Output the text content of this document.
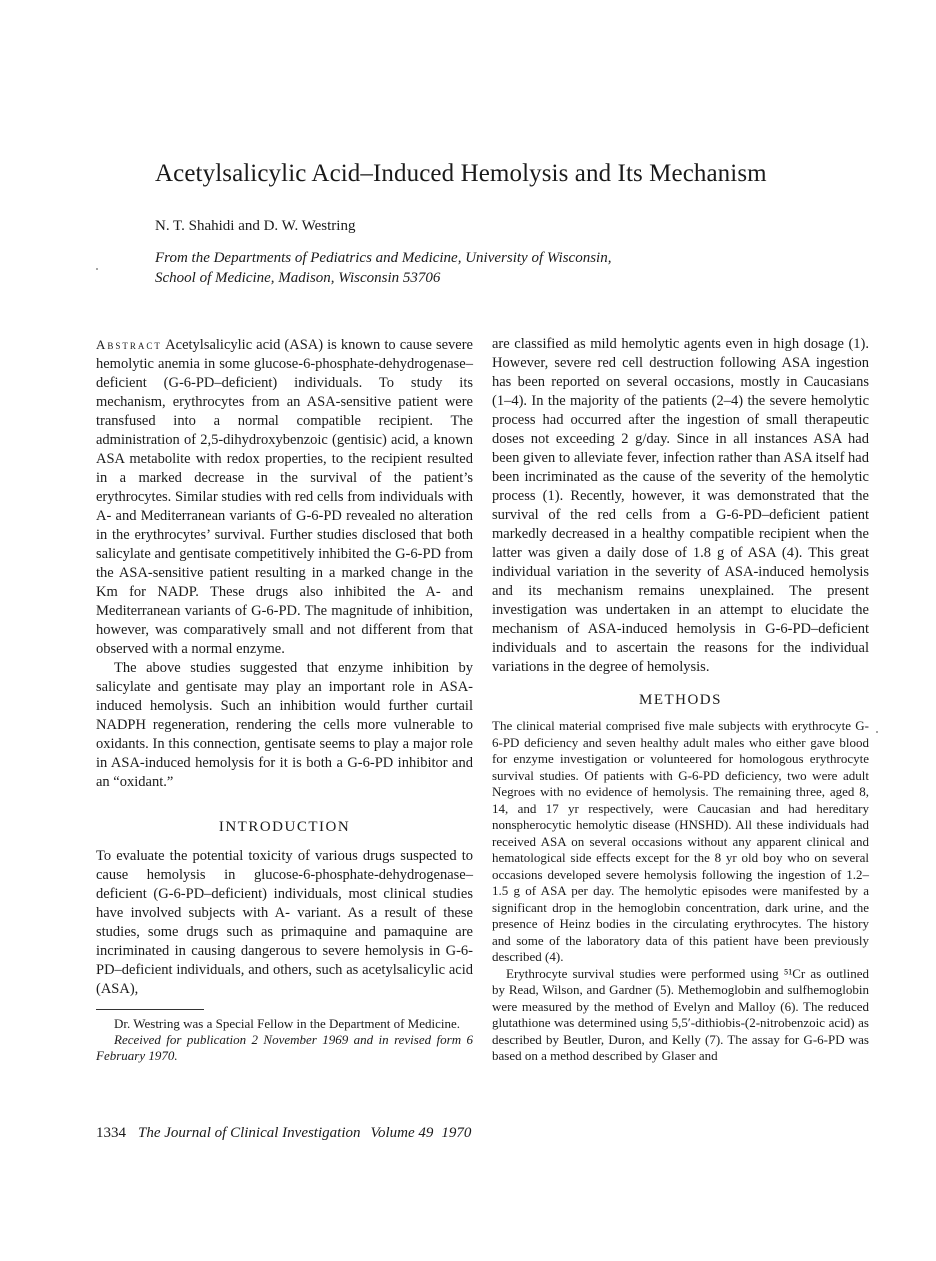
Acetylsalicylic Acid–Induced Hemolysis and Its Mechanism

N. T. Shahidi and D. W. Westring

From the Departments of Pediatrics and Medicine, University of Wisconsin,
School of Medicine, Madison, Wisconsin 53706

Abstract Acetylsalicylic acid (ASA) is known to cause severe hemolytic anemia in some glucose-6-phosphate-dehydrogenase–deficient (G-6-PD–deficient) individuals. To study its mechanism, erythrocytes from an ASA-sensitive patient were transfused into a normal compatible recipient. The administration of 2,5-dihydroxybenzoic (gentisic) acid, a known ASA metabolite with redox properties, to the recipient resulted in a marked decrease in the survival of the patient’s erythrocytes. Similar studies with red cells from individuals with A- and Mediterranean variants of G-6-PD revealed no alteration in the erythrocytes’ survival. Further studies disclosed that both salicylate and gentisate competitively inhibited the G-6-PD from the ASA-sensitive patient resulting in a marked change in the Km for NADP. These drugs also inhibited the A- and Mediterranean variants of G-6-PD. The magnitude of inhibition, however, was comparatively small and not different from that observed with a normal enzyme.

The above studies suggested that enzyme inhibition by salicylate and gentisate may play an important role in ASA-induced hemolysis. Such an inhibition would further curtail NADPH regeneration, rendering the cells more vulnerable to oxidants. In this connection, gentisate seems to play a major role in ASA-induced hemolysis for it is both a G-6-PD inhibitor and an “oxidant.”

INTRODUCTION

To evaluate the potential toxicity of various drugs suspected to cause hemolysis in glucose-6-phosphate-dehydrogenase–deficient (G-6-PD–deficient) individuals, most clinical studies have involved subjects with A- variant. As a result of these studies, some drugs such as primaquine and pamaquine are incriminated in causing dangerous to severe hemolysis in G-6-PD–deficient individuals, and others, such as acetylsalicylic acid (ASA),

Dr. Westring was a Special Fellow in the Department of Medicine.

Received for publication 2 November 1969 and in revised form 6 February 1970.

are classified as mild hemolytic agents even in high dosage (1). However, severe red cell destruction following ASA ingestion has been reported on several occasions, mostly in Caucasians (1–4). In the majority of the patients (2–4) the severe hemolytic process had occurred after the ingestion of small therapeutic doses not exceeding 2 g/day. Since in all instances ASA had been given to alleviate fever, infection rather than ASA itself had been incriminated as the cause of the severity of the hemolytic process (1). Recently, however, it was demonstrated that the survival of the red cells from a G-6-PD–deficient patient markedly decreased in a healthy compatible recipient when the latter was given a daily dose of 1.8 g of ASA (4). This great individual variation in the severity of ASA-induced hemolysis and its mechanism remains unexplained. The present investigation was undertaken in an attempt to elucidate the mechanism of ASA-induced hemolysis in G-6-PD–deficient individuals and to ascertain the reasons for the individual variations in the degree of hemolysis.

METHODS

The clinical material comprised five male subjects with erythrocyte G-6-PD deficiency and seven healthy adult males who either gave blood for enzyme investigation or volunteered for homologous erythrocyte survival studies. Of patients with G-6-PD deficiency, two were adult Negroes with no evidence of hemolysis. The remaining three, aged 8, 14, and 17 yr respectively, were Caucasian and had hereditary nonspherocytic hemolytic disease (HNSHD). All these individuals had received ASA on several occasions without any apparent clinical and hematological side effects except for the 8 yr old boy who on several occasions developed severe hemolysis following the ingestion of 1.2–1.5 g of ASA per day. The hemolytic episodes were manifested by a significant drop in the hemoglobin concentration, dark urine, and the presence of Heinz bodies in the circulating erythrocytes. The history and some of the laboratory data of this patient have been previously described (4).

Erythrocyte survival studies were performed using ⁵¹Cr as outlined by Read, Wilson, and Gardner (5). Methemoglobin and sulfhemoglobin were measured by the method of Evelyn and Malloy (6). The reduced glutathione was determined using 5,5′-dithiobis-(2-nitrobenzoic acid) as described by Beutler, Duron, and Kelly (7). The assay for G-6-PD was based on a method described by Glaser and

1334 The Journal of Clinical Investigation Volume 49 1970
